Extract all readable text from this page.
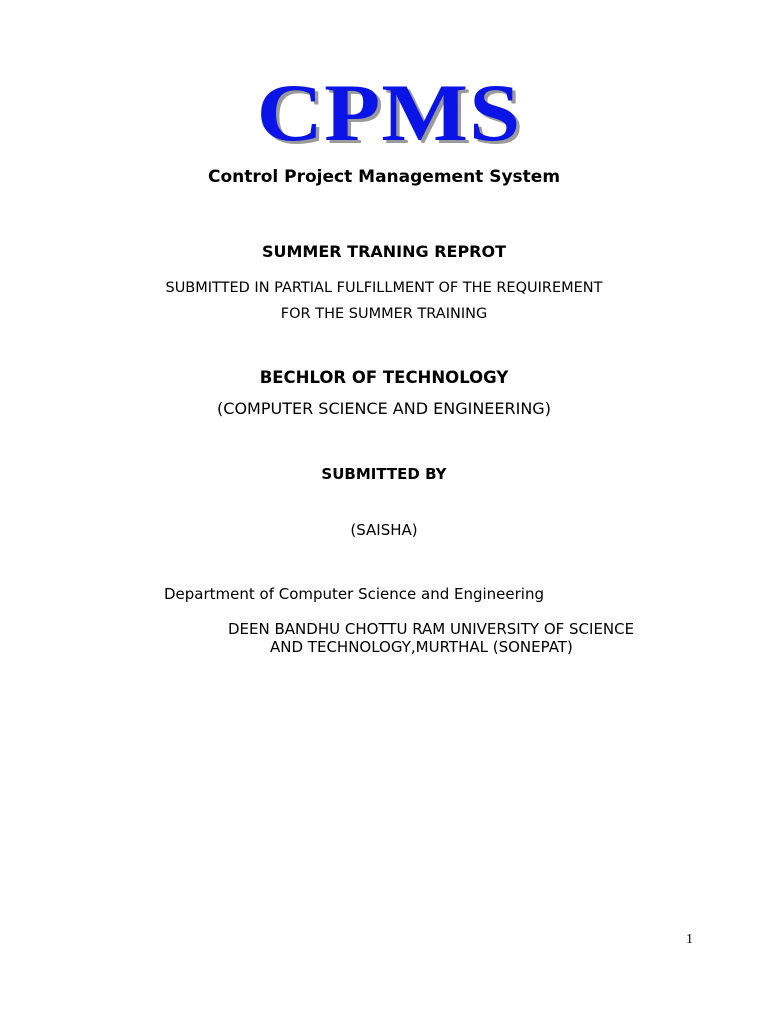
CPMS
Control Project Management System
SUMMER TRANING REPROT
SUBMITTED IN PARTIAL FULFILLMENT OF THE REQUIREMENT
FOR THE SUMMER TRAINING
BECHLOR OF TECHNOLOGY
(COMPUTER SCIENCE AND ENGINEERING)
SUBMITTED BY
(SAISHA)
Department of Computer Science and Engineering
DEEN BANDHU CHOTTU RAM UNIVERSITY OF SCIENCE
AND TECHNOLOGY,MURTHAL (SONEPAT)
1
